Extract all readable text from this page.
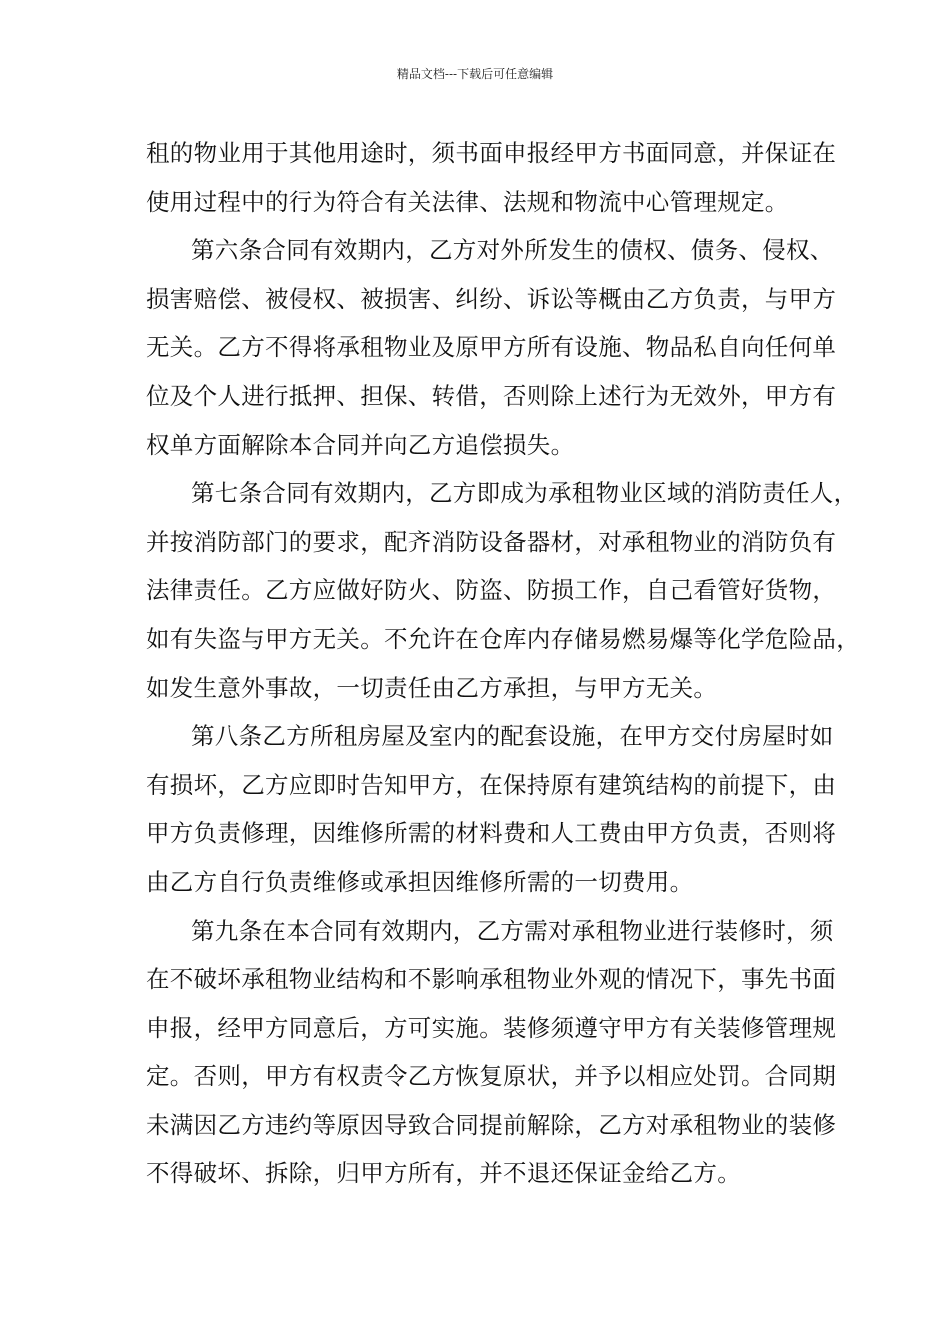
精品文档---下载后可任意编辑
租的物业用于其他用途时，须书面申报经甲方书面同意，并保证在
使用过程中的行为符合有关法律、法规和物流中心管理规定。
第六条合同有效期内，乙方对外所发生的债权、债务、侵权、
损害赔偿、被侵权、被损害、纠纷、诉讼等概由乙方负责，与甲方
无关。乙方不得将承租物业及原甲方所有设施、物品私自向任何单
位及个人进行抵押、担保、转借，否则除上述行为无效外，甲方有
权单方面解除本合同并向乙方追偿损失。
第七条合同有效期内，乙方即成为承租物业区域的消防责任人，
并按消防部门的要求，配齐消防设备器材，对承租物业的消防负有
法律责任。乙方应做好防火、防盗、防损工作，自己看管好货物，
如有失盗与甲方无关。不允许在仓库内存储易燃易爆等化学危险品，
如发生意外事故，一切责任由乙方承担，与甲方无关。
第八条乙方所租房屋及室内的配套设施，在甲方交付房屋时如
有损坏，乙方应即时告知甲方，在保持原有建筑结构的前提下，由
甲方负责修理，因维修所需的材料费和人工费由甲方负责，否则将
由乙方自行负责维修或承担因维修所需的一切费用。
第九条在本合同有效期内，乙方需对承租物业进行装修时，须
在不破坏承租物业结构和不影响承租物业外观的情况下，事先书面
申报，经甲方同意后，方可实施。装修须遵守甲方有关装修管理规
定。否则，甲方有权责令乙方恢复原状，并予以相应处罚。合同期
未满因乙方违约等原因导致合同提前解除，乙方对承租物业的装修
不得破坏、拆除，归甲方所有，并不退还保证金给乙方。
